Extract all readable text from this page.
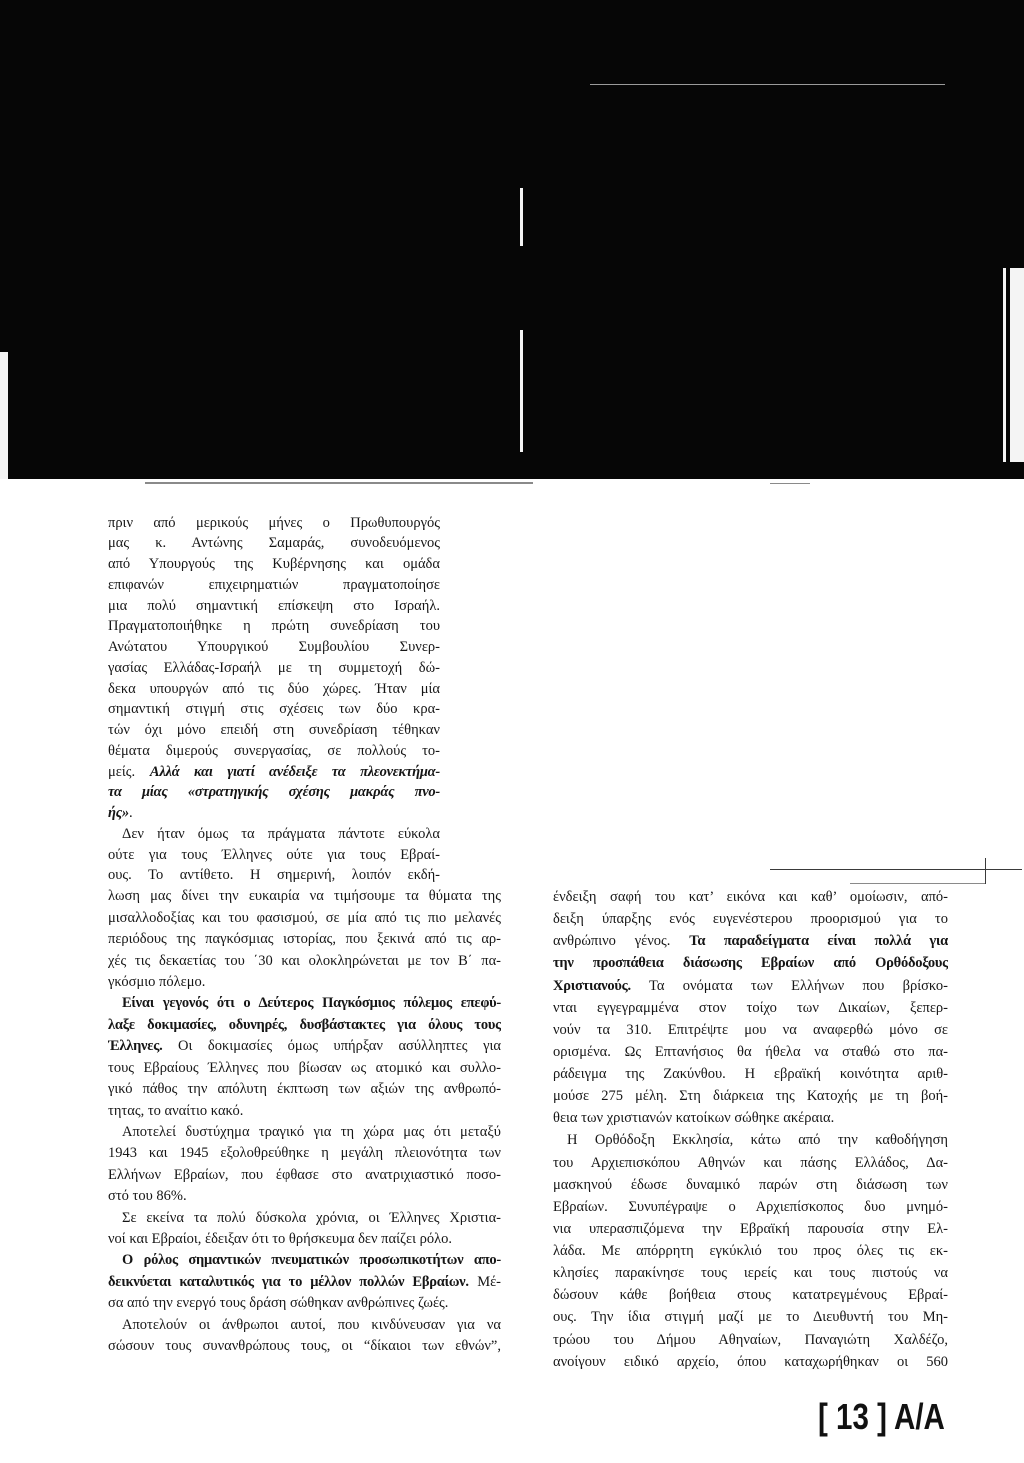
πριν από μερικούς μήνες ο Πρωθυπουργός
μας κ. Αντώνης Σαμαράς, συνοδευόμενος
από Υπουργούς της Κυβέρνησης και ομάδα
επιφανών επιχειρηματιών πραγματοποίησε
μια πολύ σημαντική επίσκεψη στο Ισραήλ.
Πραγματοποιήθηκε η πρώτη συνεδρίαση του
Ανώτατου Υπουργικού Συμβουλίου Συνερ-
γασίας Ελλάδας-Ισραήλ με τη συμμετοχή δώ-
δεκα υπουργών από τις δύο χώρες. Ήταν μία
σημαντική στιγμή στις σχέσεις των δύο κρα-
τών όχι μόνο επειδή στη συνεδρίαση τέθηκαν
θέματα διμερούς συνεργασίας, σε πολλούς το-
μείς. Αλλά και γιατί ανέδειξε τα πλεονεκτήμα-
τα μίας «στρατηγικής σχέσης μακράς πνο-
ής».
Δεν ήταν όμως τα πράγματα πάντοτε εύκολα
ούτε για τους Έλληνες ούτε για τους Εβραί-
ους. Το αντίθετο. Η σημερινή, λοιπόν εκδή-
λωση μας δίνει την ευκαιρία να τιμήσουμε τα θύματα της
μισαλλοδοξίας και του φασισμού, σε μία από τις πιο μελανές
περιόδους της παγκόσμιας ιστορίας, που ξεκινά από τις αρ-
χές τις δεκαετίας του ΄30 και ολοκληρώνεται με τον Β΄ πα-
γκόσμιο πόλεμο.
Είναι γεγονός ότι ο Δεύτερος Παγκόσμιος πόλεμος επεφύ-
λαξε δοκιμασίες, οδυνηρές, δυσβάστακτες για όλους τους
Έλληνες. Οι δοκιμασίες όμως υπήρξαν ασύλληπτες για
τους Εβραίους Έλληνες που βίωσαν ως ατομικό και συλλο-
γικό πάθος την απόλυτη έκπτωση των αξιών της ανθρωπό-
τητας, το αναίτιο κακό.
Αποτελεί δυστύχημα τραγικό για τη χώρα μας ότι μεταξύ
1943 και 1945 εξολοθρεύθηκε η μεγάλη πλειονότητα των
Ελλήνων Εβραίων, που έφθασε στο ανατριχιαστικό ποσο-
στό του 86%.
Σε εκείνα τα πολύ δύσκολα χρόνια, οι Έλληνες Χριστια-
νοί και Εβραίοι, έδειξαν ότι το θρήσκευμα δεν παίζει ρόλο.
Ο ρόλος σημαντικών πνευματικών προσωπικοτήτων απο-
δεικνύεται καταλυτικός για το μέλλον πολλών Εβραίων. Μέ-
σα από την ενεργό τους δράση σώθηκαν ανθρώπινες ζωές.
Αποτελούν οι άνθρωποι αυτοί, που κινδύνευσαν για να
σώσουν τους συνανθρώπους τους, οι “δίκαιοι των εθνών”,
ένδειξη σαφή του κατ’ εικόνα και καθ’ ομοίωσιν, από-
δειξη ύπαρξης ενός ευγενέστερου προορισμού για το
ανθρώπινο γένος. Τα παραδείγματα είναι πολλά για
την προσπάθεια διάσωσης Εβραίων από Ορθόδοξους
Χριστιανούς. Τα ονόματα των Ελλήνων που βρίσκο-
νται εγγεγραμμένα στον τοίχο των Δικαίων, ξεπερ-
νούν τα 310. Επιτρέψτε μου να αναφερθώ μόνο σε
ορισμένα. Ως Επτανήσιος θα ήθελα να σταθώ στο πα-
ράδειγμα της Ζακύνθου. Η εβραϊκή κοινότητα αριθ-
μούσε 275 μέλη. Στη διάρκεια της Κατοχής με τη βοή-
θεια των χριστιανών κατοίκων σώθηκε ακέραια.
Η Ορθόδοξη Εκκλησία, κάτω από την καθοδήγηση
του Αρχιεπισκόπου Αθηνών και πάσης Ελλάδος, Δα-
μασκηνού έδωσε δυναμικό παρών στη διάσωση των
Εβραίων. Συνυπέγραψε ο Αρχιεπίσκοπος δυο μνημό-
νια υπερασπιζόμενα την Εβραϊκή παρουσία στην Ελ-
λάδα. Με απόρρητη εγκύκλιό του προς όλες τις εκ-
κλησίες παρακίνησε τους ιερείς και τους πιστούς να
δώσουν κάθε βοήθεια στους κατατρεγμένους Εβραί-
ους. Την ίδια στιγμή μαζί με το Διευθυντή του Μη-
τρώου του Δήμου Αθηναίων, Παναγιώτη Χαλδέζο,
ανοίγουν ειδικό αρχείο, όπου καταχωρήθηκαν οι 560
[ 13 ] A/A
